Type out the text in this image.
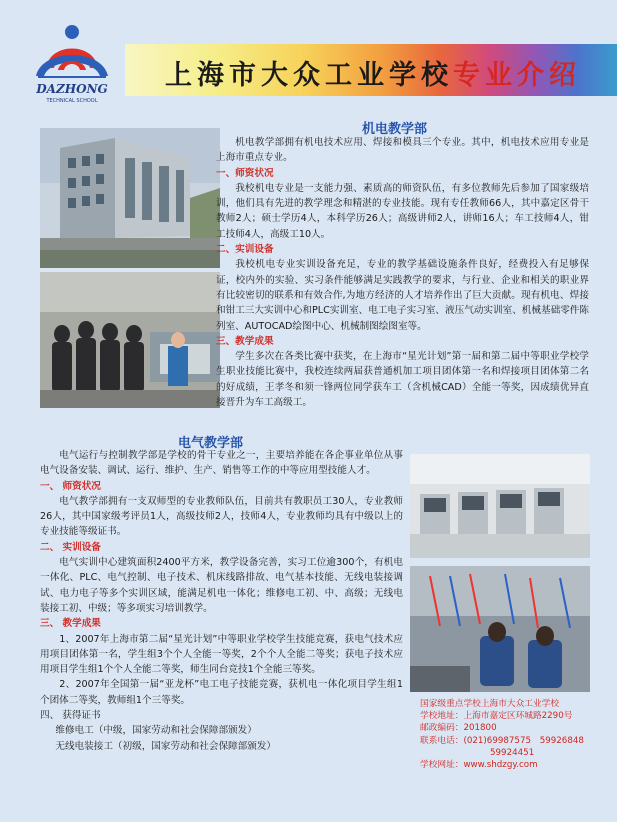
DAZHONG
TECHNICAL SCHOOL
上海市大众工业学校专业介绍
机电教学部

机电教学部拥有机电技术应用、焊接和模具三个专业。其中，机电技术应用专业是上海市重点专业。

一、师资状况

我校机电专业是一支能力强、素质高的师资队伍，有多位教师先后参加了国家级培训，他们具有先进的教学理念和精湛的专业技能。现有专任教师66人，其中嘉定区骨干教师2人；硕士学历4人，本科学历26人；高级讲师2人，讲师16人；车工技师4人，钳工技师4人，高级工10人。

二、实训设备

我校机电专业实训设备充足，专业的教学基础设施条件良好，经费投入有足够保证，校内外的实验、实习条件能够满足实践教学的要求，与行业、企业和相关的职业界有比较密切的联系和有效合作,为地方经济的人才培养作出了巨大贡献。现有机电、焊接和钳工三大实训中心和PLC实训室、电工电子实习室、液压气动实训室、机械基础零件陈列室、AUTOCAD绘图中心、机械制图绘图室等。

三、教学成果

学生多次在各类比赛中获奖，在上海市“星光计划”第一届和第二届中等职业学校学生职业技能比赛中，我校连续两届获普通机加工项目团体第一名和焊接项目团体第二名的好成绩，王孝冬和须一锋两位同学获车工（含机械CAD）全能一等奖，因成绩优异直接晋升为车工高级工。

电气教学部

电气运行与控制教学部是学校的骨干专业之一，主要培养能在各企事业单位从事电气设备安装、调试、运行、维护、生产、销售等工作的中等应用型技能人才。

一、 师资状况

电气教学部拥有一支双师型的专业教师队伍，目前共有教职员工30人，专业教师26人，其中国家级考评员1人，高级技师2人，技师4人，专业教师均具有中级以上的专业技能等级证书。

二、 实训设备

电气实训中心建筑面积2400平方米，教学设备完善，实习工位逾300个，有机电一体化、PLC、电气控制、电子技术、机床线路排故、电气基本技能、无线电装接调试、电力电子等多个实训区域，能满足机电一体化；维修电工初、中、高级；无线电装接工初、中级；等多项实习培训教学。

三、 教学成果

1、2007年上海市第二届“星光计划”中等职业学校学生技能竞赛，获电气技术应用项目团体第一名，学生组3个个人全能一等奖，2个个人全能二等奖；获电子技术应用项目学生组1个个人全能二等奖，师生同台竞技1个全能三等奖。

2、2007年全国第一届“亚龙杯”电工电子技能竞赛，获机电一体化项目学生组1个团体二等奖，教师组1个三等奖。

四、 获得证书

维修电工（中级，国家劳动和社会保障部颁发）

无线电装接工（初级，国家劳动和社会保障部颁发）

国家级重点学校上海市大众工业学校
学校地址：上海市嘉定区环城路2290号
邮政编码：201800
联系电话：(021)69987575　59926848
59924451
学校网址：www.shdzgy.com
